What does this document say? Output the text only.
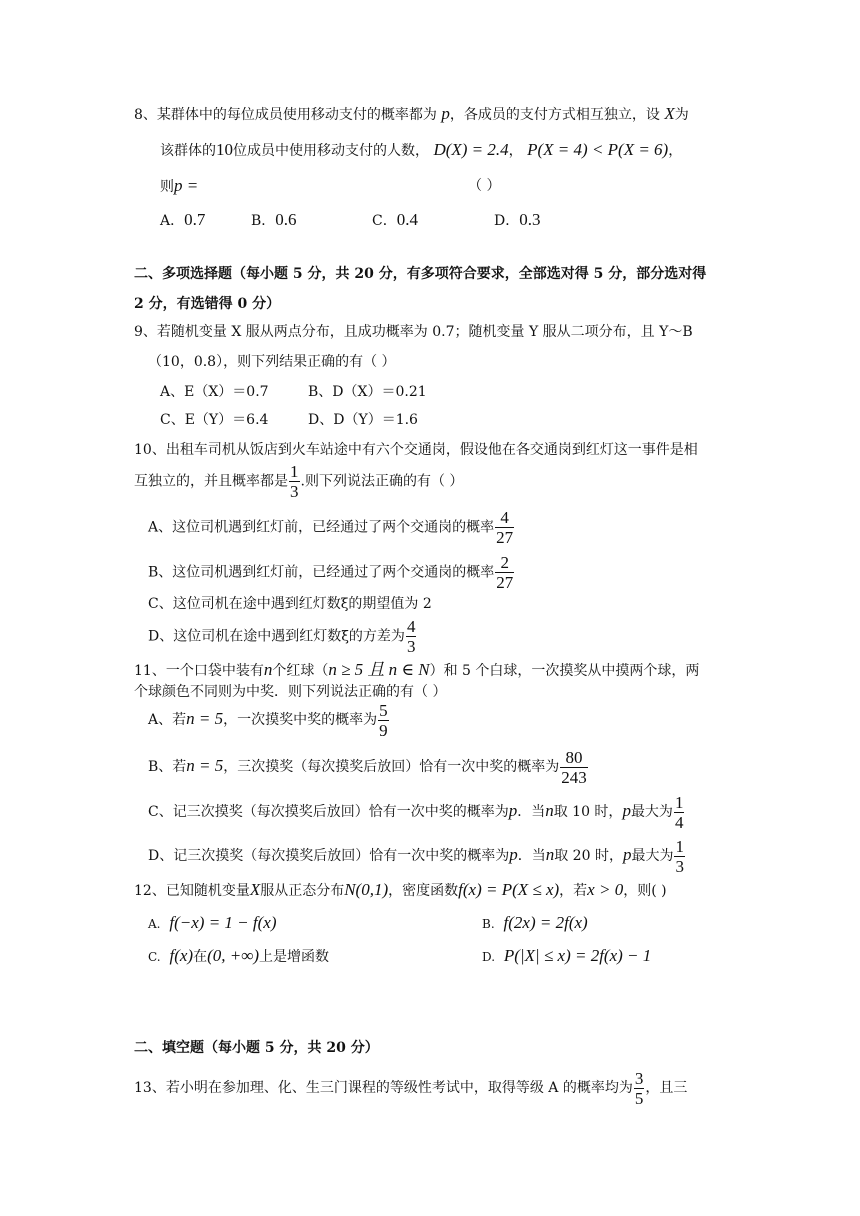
8、某群体中的每位成员使用移动支付的概率都为 p，各成员的支付方式相互独立，设 X为
该群体的10位成员中使用移动支付的人数， D(X) = 2.4， P(X = 4) < P(X = 6)，
则p =	（ ）
A．0.7	B．0.6	C．0.4	D．0.3
二、多项选择题（每小题 5 分，共 20 分，有多项符合要求，全部选对得 5 分，部分选对得
2 分，有选错得 0 分）
9、若随机变量 X 服从两点分布，且成功概率为 0.7；随机变量 Y 服从二项分布，且 Y～B
（10，0.8），则下列结果正确的有（ ）
A、E（X）＝0.7	B、D（X）＝0.21
C、E（Y）＝6.4	D、D（Y）＝1.6
10、出租车司机从饭店到火车站途中有六个交通岗，假设他在各交通岗到红灯这一事件是相
互独立的，并且概率都是 $\frac{1}{3}$ .则下列说法正确的有（ ）
A、这位司机遇到红灯前，已经通过了两个交通岗的概率 $\frac{4}{27}$
B、这位司机遇到红灯前，已经通过了两个交通岗的概率 $\frac{2}{27}$
C、这位司机在途中遇到红灯数ξ的期望值为 2
D、这位司机在途中遇到红灯数ξ的方差为 $\frac{4}{3}$
11、一个口袋中装有n个红球（n ≥ 5 且 n ∈ N）和 5 个白球，一次摸奖从中摸两个球，两
个球颜色不同则为中奖．则下列说法正确的有（ ）
A、若n = 5，一次摸奖中奖的概率为 $\frac{5}{9}$
B、若n = 5，三次摸奖（每次摸奖后放回）恰有一次中奖的概率为 $\frac{80}{243}$
C、记三次摸奖（每次摸奖后放回）恰有一次中奖的概率为p．当n取 10 时，p最大为 $\frac{1}{4}$
D、记三次摸奖（每次摸奖后放回）恰有一次中奖的概率为p．当n取 20 时，p最大为 $\frac{1}{3}$
12、已知随机变量X服从正态分布N(0,1)，密度函数f(x) = P(X ≤ x)，若x > 0，则( )
A. f(−x) = 1 − f(x)	B. f(2x) = 2f(x)
C. f(x)在(0, +∞)上是增函数	D. P(|X| ≤ x) = 2f(x) − 1
二、填空题（每小题 5 分，共 20 分）
13、若小明在参加理、化、生三门课程的等级性考试中，取得等级 A 的概率均为 $\frac{3}{5}$ ，且三
